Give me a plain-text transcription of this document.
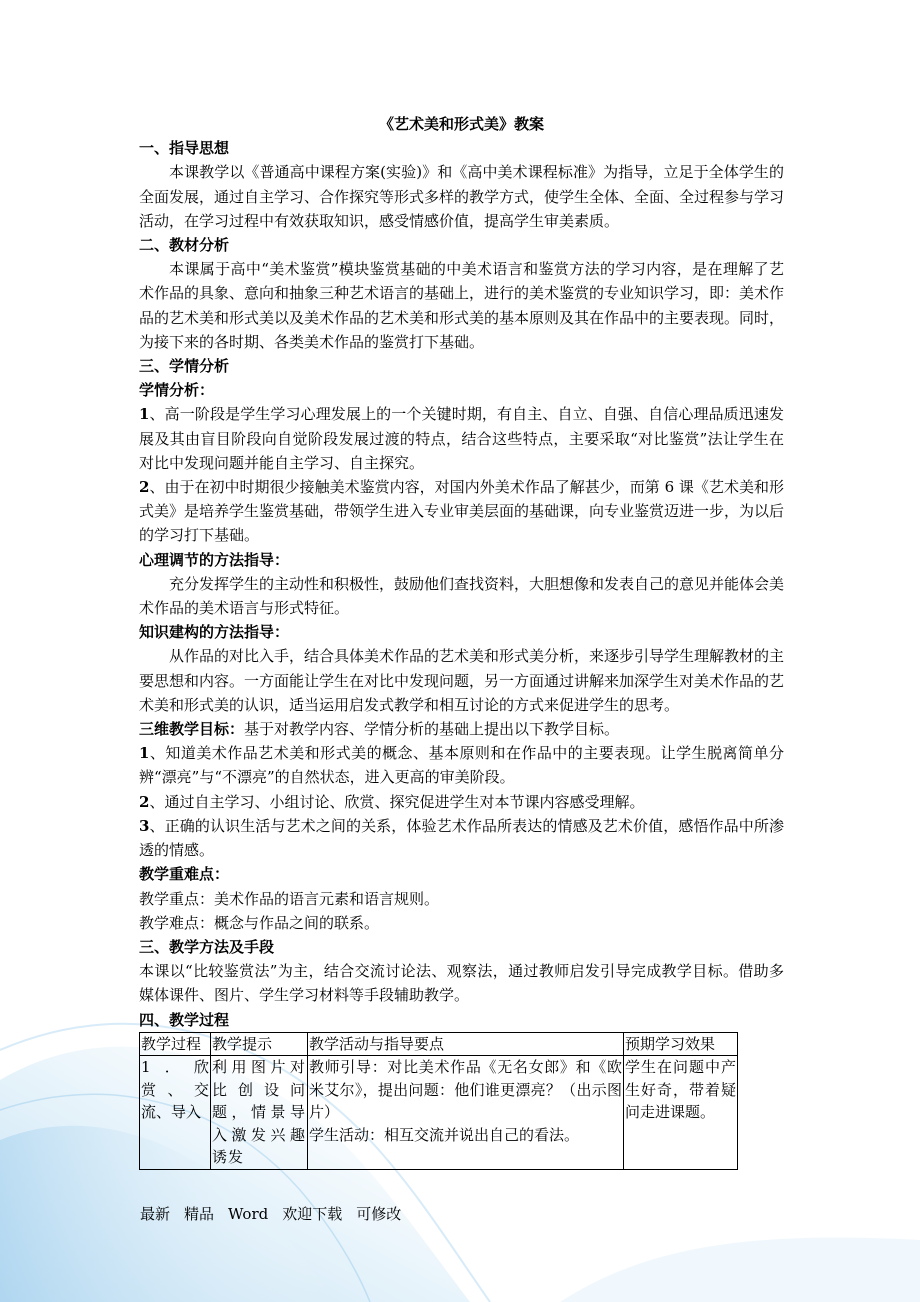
《艺术美和形式美》教案

一、指导思想

本课教学以《普通高中课程方案(实验)》和《高中美术课程标准》为指导，立足于全体学生的全面发展，通过自主学习、合作探究等形式多样的教学方式，使学生全体、全面、全过程参与学习活动，在学习过程中有效获取知识，感受情感价值，提高学生审美素质。

二、教材分析

本课属于高中“美术鉴赏”模块鉴赏基础的中美术语言和鉴赏方法的学习内容，是在理解了艺术作品的具象、意向和抽象三种艺术语言的基础上，进行的美术鉴赏的专业知识学习，即：美术作品的艺术美和形式美以及美术作品的艺术美和形式美的基本原则及其在作品中的主要表现。同时，为接下来的各时期、各类美术作品的鉴赏打下基础。

三、学情分析

学情分析：

1、高一阶段是学生学习心理发展上的一个关键时期，有自主、自立、自强、自信心理品质迅速发展及其由盲目阶段向自觉阶段发展过渡的特点，结合这些特点，主要采取“对比鉴赏”法让学生在对比中发现问题并能自主学习、自主探究。

2、由于在初中时期很少接触美术鉴赏内容，对国内外美术作品了解甚少，而第 6 课《艺术美和形式美》是培养学生鉴赏基础，带领学生进入专业审美层面的基础课，向专业鉴赏迈进一步，为以后的学习打下基础。

心理调节的方法指导：

充分发挥学生的主动性和积极性，鼓励他们查找资料，大胆想像和发表自己的意见并能体会美术作品的美术语言与形式特征。

知识建构的方法指导：

从作品的对比入手，结合具体美术作品的艺术美和形式美分析，来逐步引导学生理解教材的主要思想和内容。一方面能让学生在对比中发现问题，另一方面通过讲解来加深学生对美术作品的艺术美和形式美的认识，适当运用启发式教学和相互讨论的方式来促进学生的思考。

三维教学目标：基于对教学内容、学情分析的基础上提出以下教学目标。

1、知道美术作品艺术美和形式美的概念、基本原则和在作品中的主要表现。让学生脱离简单分辨“漂亮”与“不漂亮”的自然状态，进入更高的审美阶段。

2、通过自主学习、小组讨论、欣赏、探究促进学生对本节课内容感受理解。

3、正确的认识生活与艺术之间的关系，体验艺术作品所表达的情感及艺术价值，感悟作品中所渗透的情感。

教学重难点：

教学重点：美术作品的语言元素和语言规则。

教学难点：概念与作品之间的联系。

三、教学方法及手段

本课以“比较鉴赏法”为主，结合交流讨论法、观察法，通过教师启发引导完成教学目标。借助多媒体课件、图片、学生学习材料等手段辅助教学。

四、教学过程

教学过程	教学提示	教学活动与指导要点	预期学习效果
1．欣赏、交流、导入	利用图片对比创设问题，情景导入激发兴趣诱发	教师引导：对比美术作品《无名女郎》和《欧米艾尔》，提出问题：他们谁更漂亮？（出示图片）
学生活动：相互交流并说出自己的看法。	学生在问题中产生好奇，带着疑问走进课题。
最新 精品 Word 欢迎下载 可修改
